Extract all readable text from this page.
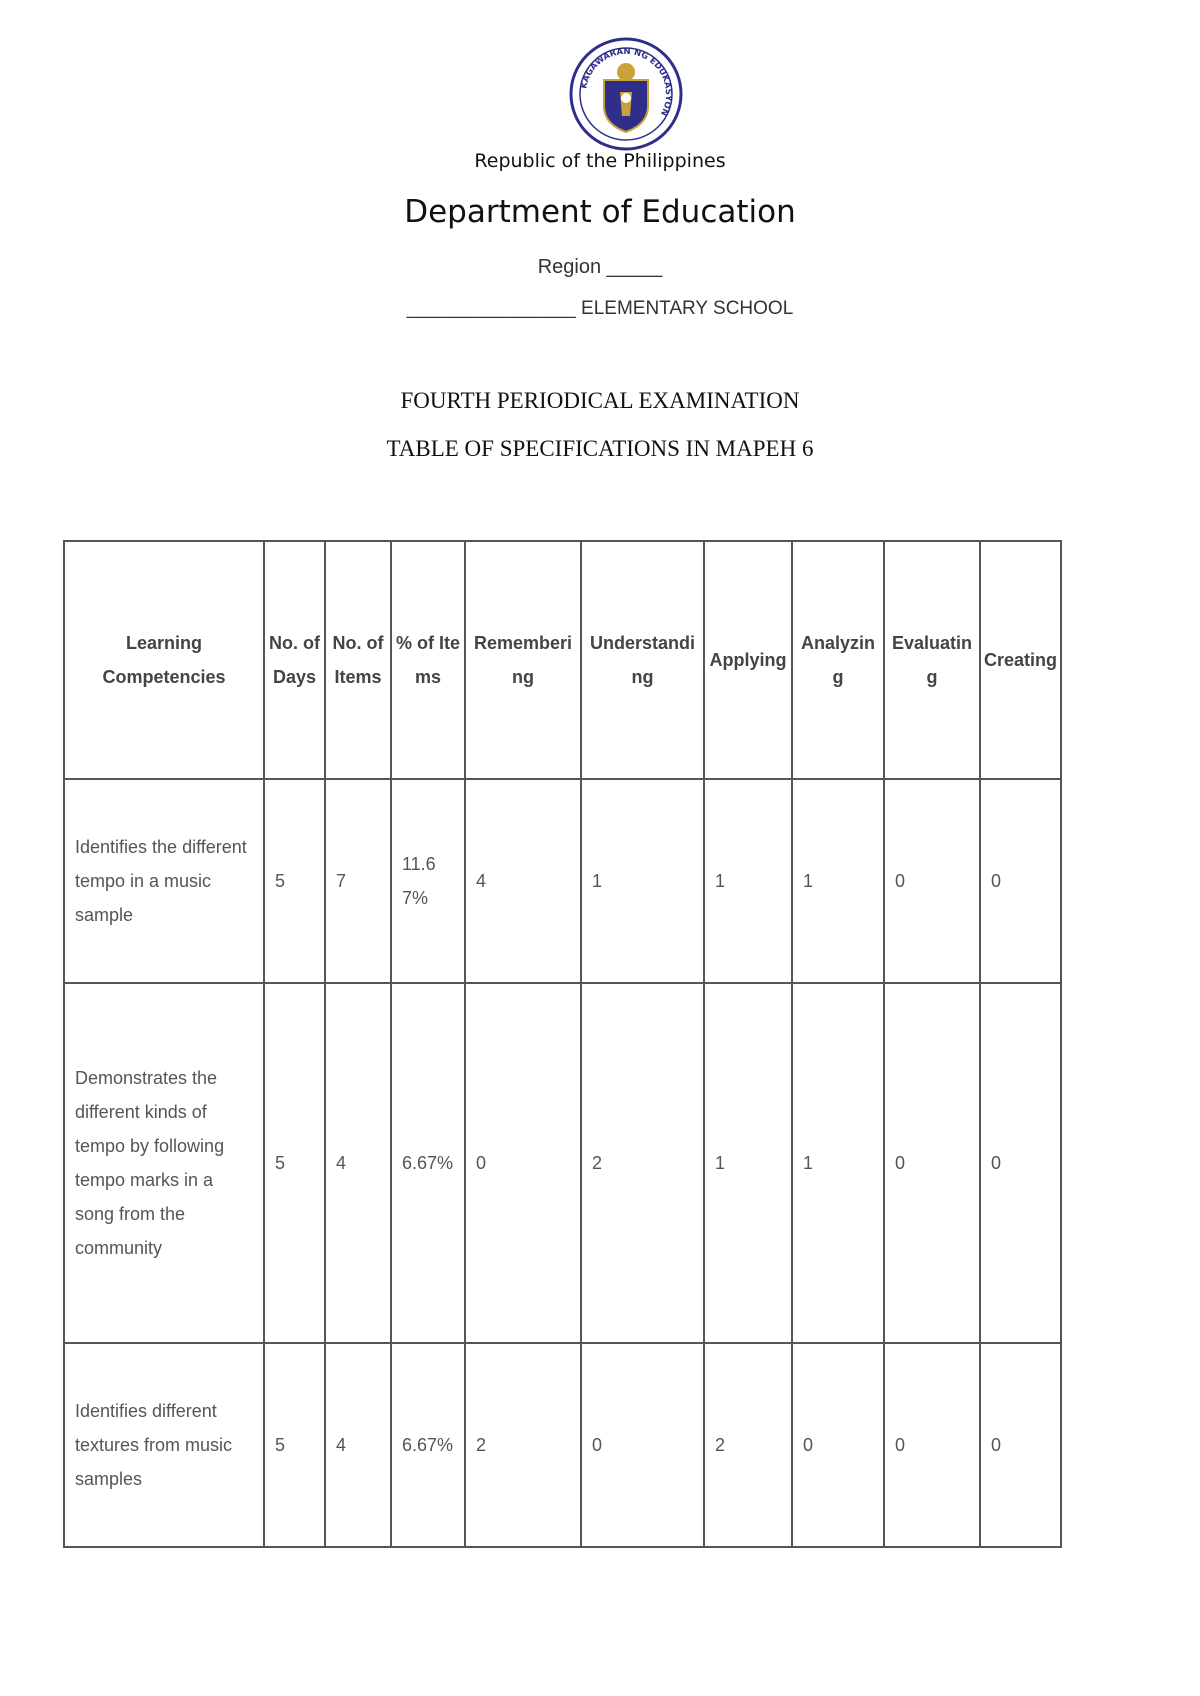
KAGAWARAN NG EDUKASYON
Republic of the Philippines
Department of Education
Region _____
________________ ELEMENTARY SCHOOL
FOURTH PERIODICAL EXAMINATION
TABLE OF SPECIFICATIONS IN MAPEH 6
Learning Competencies	No. of Days	No. of Items	% of Items	Remembering	Understanding	Applying	Analyzing	Evaluating	Creating
Identifies the different tempo in a music sample	5	7	11.67%	4	1	1	1	0	0
Demonstrates the different kinds of tempo by following tempo marks in a song from the community	5	4	6.67%	0	2	1	1	0	0
Identifies different textures from music samples	5	4	6.67%	2	0	2	0	0	0
